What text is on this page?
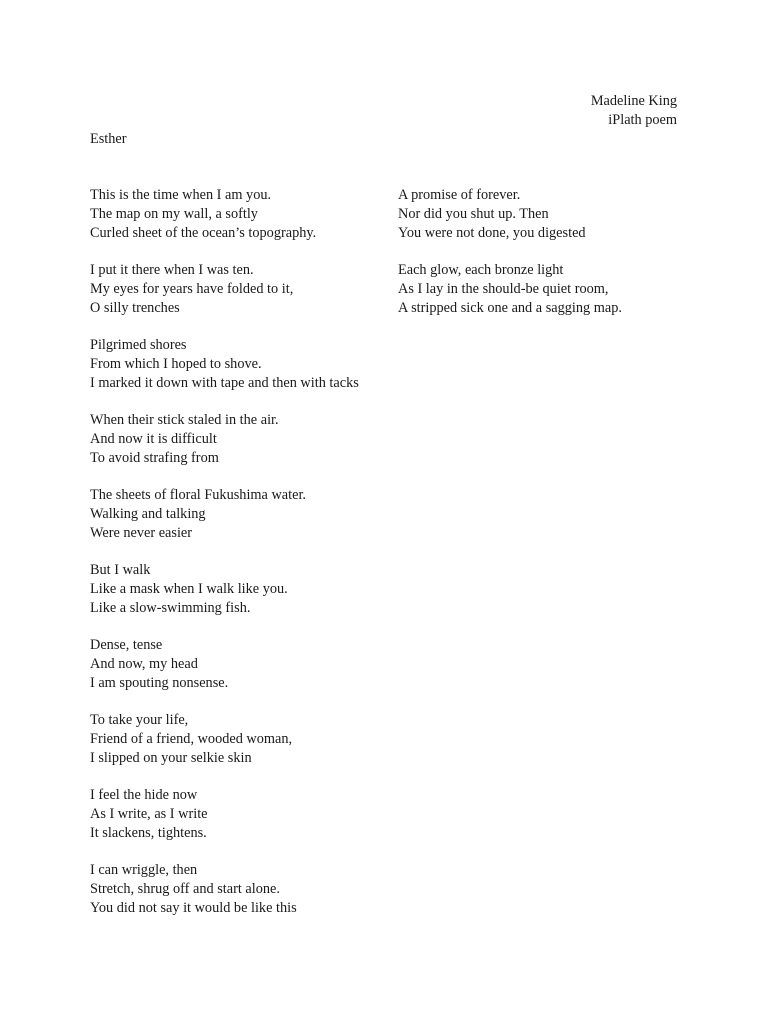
Madeline King
iPlath poem
Esther
This is the time when I am you.
The map on my wall, a softly
Curled sheet of the ocean’s topography.
I put it there when I was ten.
My eyes for years have folded to it,
O silly trenches
Pilgrimed shores
From which I hoped to shove.
I marked it down with tape and then with tacks
When their stick staled in the air.
And now it is difficult
To avoid strafing from
The sheets of floral Fukushima water.
Walking and talking
Were never easier
But I walk
Like a mask when I walk like you.
Like a slow-swimming fish.
Dense, tense
And now, my head
I am spouting nonsense.
To take your life,
Friend of a friend, wooded woman,
I slipped on your selkie skin
I feel the hide now
As I write, as I write
It slackens, tightens.
I can wriggle, then
Stretch, shrug off and start alone.
You did not say it would be like this
A promise of forever.
Nor did you shut up. Then
You were not done, you digested
Each glow, each bronze light
As I lay in the should-be quiet room,
A stripped sick one and a sagging map.
